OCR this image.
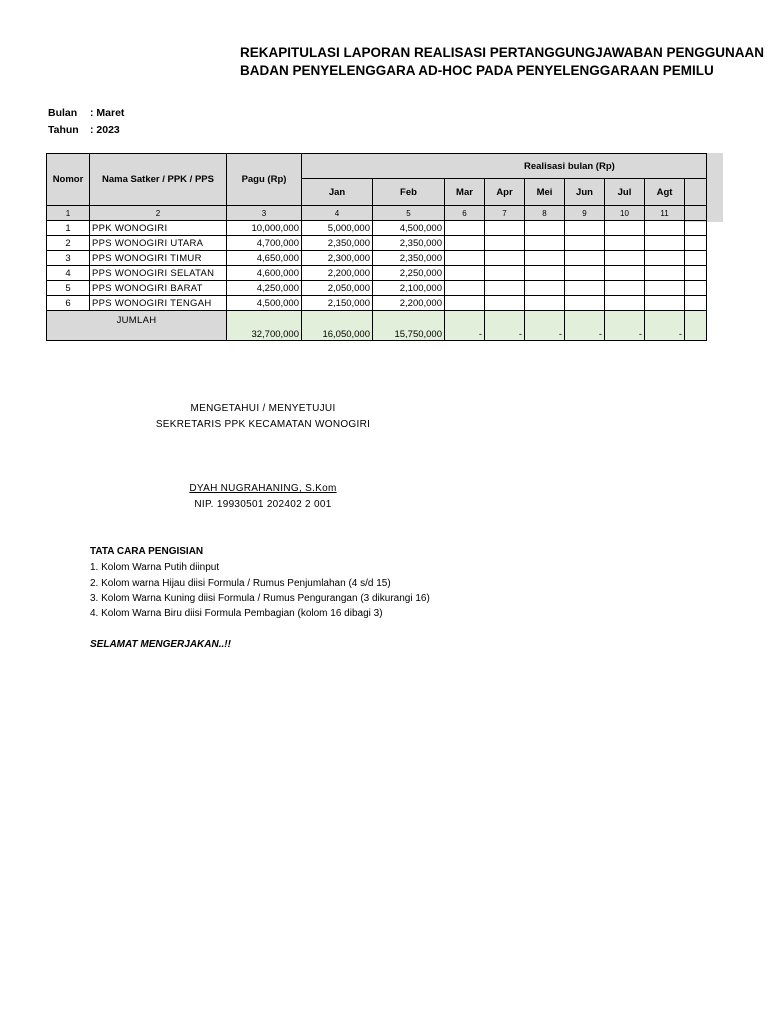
REKAPITULASI LAPORAN REALISASI PERTANGGUNGJAWABAN PENGGUNAAN
BADAN PENYELENGGARA AD-HOC PADA PENYELENGGARAAN PEMILU
Bulan : Maret
Tahun : 2023
Nomor	Nama Satker / PPK / PPS	Pagu (Rp)	Realisasi bulan (Rp)								
			Jan	Feb	Mar	Apr	Mei	Jun	Jul	Agt	
1	2	3	4	5	6	7	8	9	10	11	
1	PPK WONOGIRI	10,000,000	5,000,000	4,500,000							
2	PPS WONOGIRI UTARA	4,700,000	2,350,000	2,350,000							
3	PPS WONOGIRI TIMUR	4,650,000	2,300,000	2,350,000							
4	PPS WONOGIRI SELATAN	4,600,000	2,200,000	2,250,000							
5	PPS WONOGIRI BARAT	4,250,000	2,050,000	2,100,000							
6	PPS WONOGIRI TENGAH	4,500,000	2,150,000	2,200,000							
JUMLAH		32,700,000	16,050,000	15,750,000	-	-	-	-	-	-	
MENGETAHUI / MENYETUJUI
SEKRETARIS PPK KECAMATAN WONOGIRI
DYAH NUGRAHANING, S.Kom
NIP. 19930501 202402 2 001
TATA CARA PENGISIAN
1. Kolom Warna Putih diinput
2. Kolom warna Hijau diisi Formula / Rumus Penjumlahan (4 s/d 15)
3. Kolom Warna Kuning diisi Formula / Rumus Pengurangan (3 dikurangi 16)
4. Kolom Warna Biru diisi Formula Pembagian (kolom 16 dibagi 3)
SELAMAT MENGERJAKAN..!!
